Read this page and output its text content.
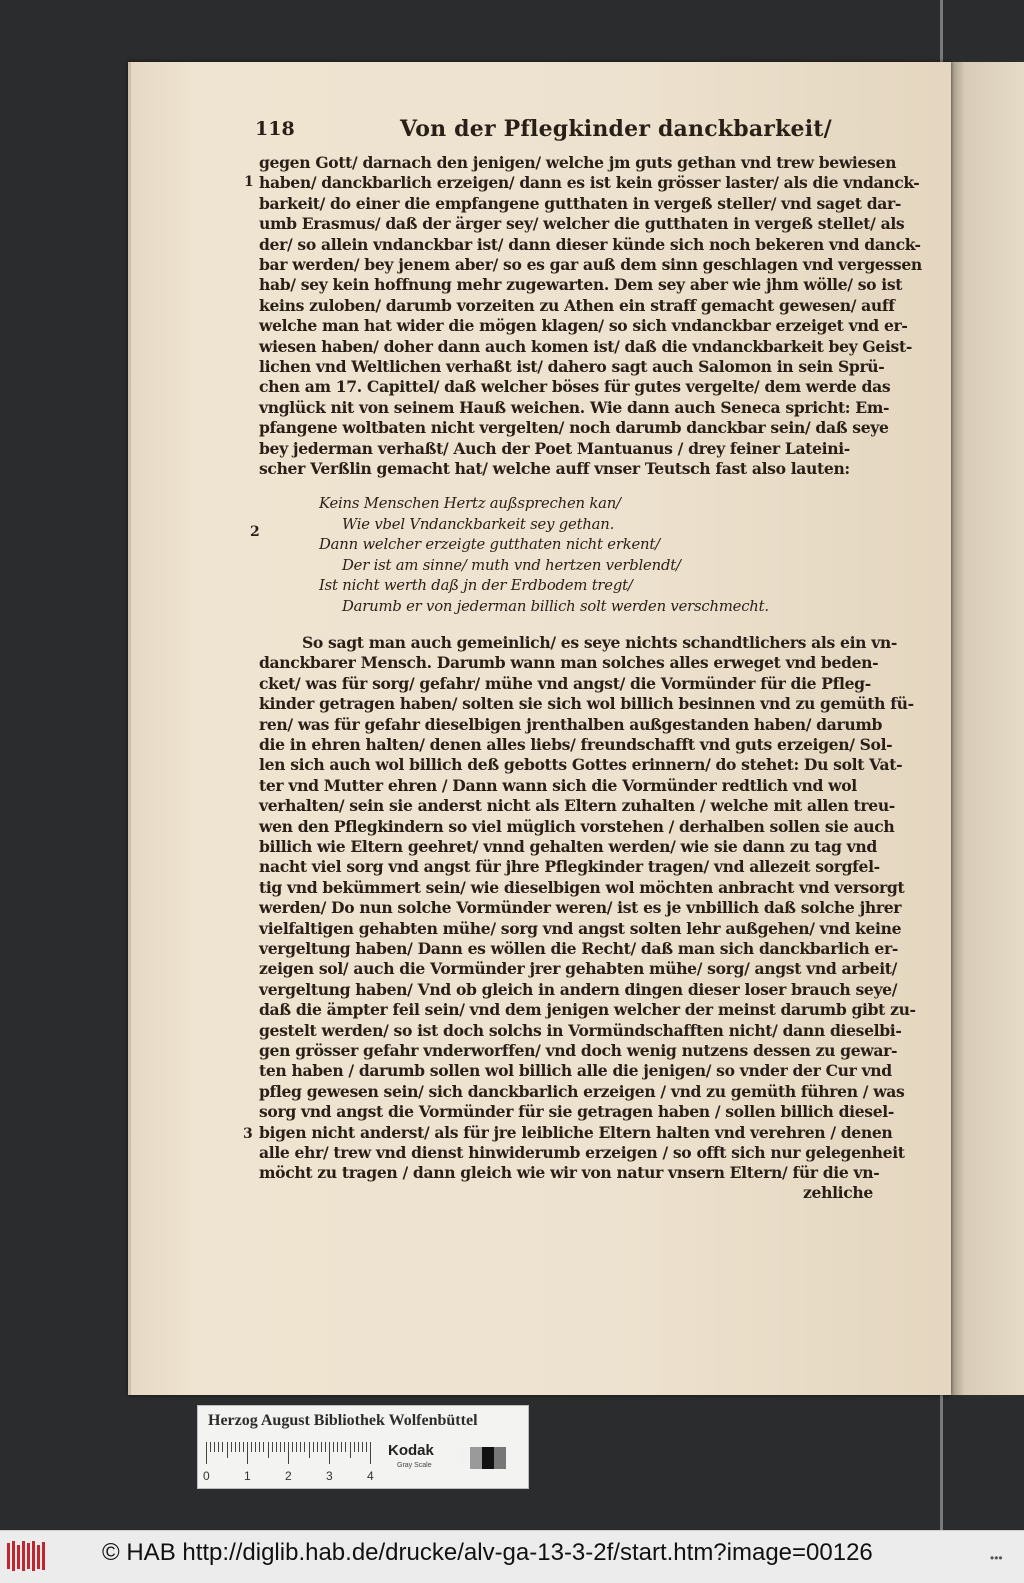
118	Von der Pflegkinder danckbarkeit/
1
2
3
gegen Gott/ darnach den jenigen/ welche jm guts gethan vnd trew bewiesen
haben/ danckbarlich erzeigen/ dann es ist kein grösser laster/ als die vndanck-
barkeit/ do einer die empfangene gutthaten in vergeß steller/ vnd saget dar-
umb Erasmus/ daß der ärger sey/ welcher die gutthaten in vergeß stellet/ als
der/ so allein vndanckbar ist/ dann dieser künde sich noch bekeren vnd danck-
bar werden/ bey jenem aber/ so es gar auß dem sinn geschlagen vnd vergessen
hab/ sey kein hoffnung mehr zugewarten. Dem sey aber wie jhm wölle/ so ist
keins zuloben/ darumb vorzeiten zu Athen ein straff gemacht gewesen/ auff
welche man hat wider die mögen klagen/ so sich vndanckbar erzeiget vnd er-
wiesen haben/ doher dann auch komen ist/ daß die vndanckbarkeit bey Geist-
lichen vnd Weltlichen verhaßt ist/ dahero sagt auch Salomon in sein Sprü-
chen am 17. Capittel/ daß welcher böses für gutes vergelte/ dem werde das
vnglück nit von seinem Hauß weichen. Wie dann auch Seneca spricht: Em-
pfangene woltbaten nicht vergelten/ noch darumb danckbar sein/ daß seye
bey jederman verhaßt/ Auch der Poet Mantuanus / drey feiner Lateini-
scher Verßlin gemacht hat/ welche auff vnser Teutsch fast also lauten:
Keins Menschen Hertz außsprechen kan/
Wie vbel Vndanckbarkeit sey gethan.
Dann welcher erzeigte gutthaten nicht erkent/
Der ist am sinne/ muth vnd hertzen verblendt/
Ist nicht werth daß jn der Erdbodem tregt/
Darumb er von jederman billich solt werden verschmecht.
So sagt man auch gemeinlich/ es seye nichts schandtlichers als ein vn-
danckbarer Mensch. Darumb wann man solches alles erweget vnd beden-
cket/ was für sorg/ gefahr/ mühe vnd angst/ die Vormünder für die Pfleg-
kinder getragen haben/ solten sie sich wol billich besinnen vnd zu gemüth fü-
ren/ was für gefahr dieselbigen jrenthalben außgestanden haben/ darumb
die in ehren halten/ denen alles liebs/ freundschafft vnd guts erzeigen/ Sol-
len sich auch wol billich deß gebotts Gottes erinnern/ do stehet: Du solt Vat-
ter vnd Mutter ehren / Dann wann sich die Vormünder redtlich vnd wol
verhalten/ sein sie anderst nicht als Eltern zuhalten / welche mit allen treu-
wen den Pflegkindern so viel müglich vorstehen / derhalben sollen sie auch
billich wie Eltern geehret/ vnnd gehalten werden/ wie sie dann zu tag vnd
nacht viel sorg vnd angst für jhre Pflegkinder tragen/ vnd allezeit sorgfel-
tig vnd bekümmert sein/ wie dieselbigen wol möchten anbracht vnd versorgt
werden/ Do nun solche Vormünder weren/ ist es je vnbillich daß solche jhrer
vielfaltigen gehabten mühe/ sorg vnd angst solten lehr außgehen/ vnd keine
vergeltung haben/ Dann es wöllen die Recht/ daß man sich danckbarlich er-
zeigen sol/ auch die Vormünder jrer gehabten mühe/ sorg/ angst vnd arbeit/
vergeltung haben/ Vnd ob gleich in andern dingen dieser loser brauch seye/
daß die ämpter feil sein/ vnd dem jenigen welcher der meinst darumb gibt zu-
gestelt werden/ so ist doch solchs in Vormündschafften nicht/ dann dieselbi-
gen grösser gefahr vnderworffen/ vnd doch wenig nutzens dessen zu gewar-
ten haben / darumb sollen wol billich alle die jenigen/ so vnder der Cur vnd
pfleg gewesen sein/ sich danckbarlich erzeigen / vnd zu gemüth führen / was
sorg vnd angst die Vormünder für sie getragen haben / sollen billich diesel-
bigen nicht anderst/ als für jre leibliche Eltern halten vnd verehren / denen
alle ehr/ trew vnd dienst hinwiderumb erzeigen / so offt sich nur gelegenheit
möcht zu tragen / dann gleich wie wir von natur vnsern Eltern/ für die vn-
zehliche
Herzog August Bibliothek Wolfenbüttel
0	1	2	3	4
Kodak
Gray Scale
© HAB http://diglib.hab.de/drucke/alv-ga-13-3-2f/start.htm?image=00126	•••
